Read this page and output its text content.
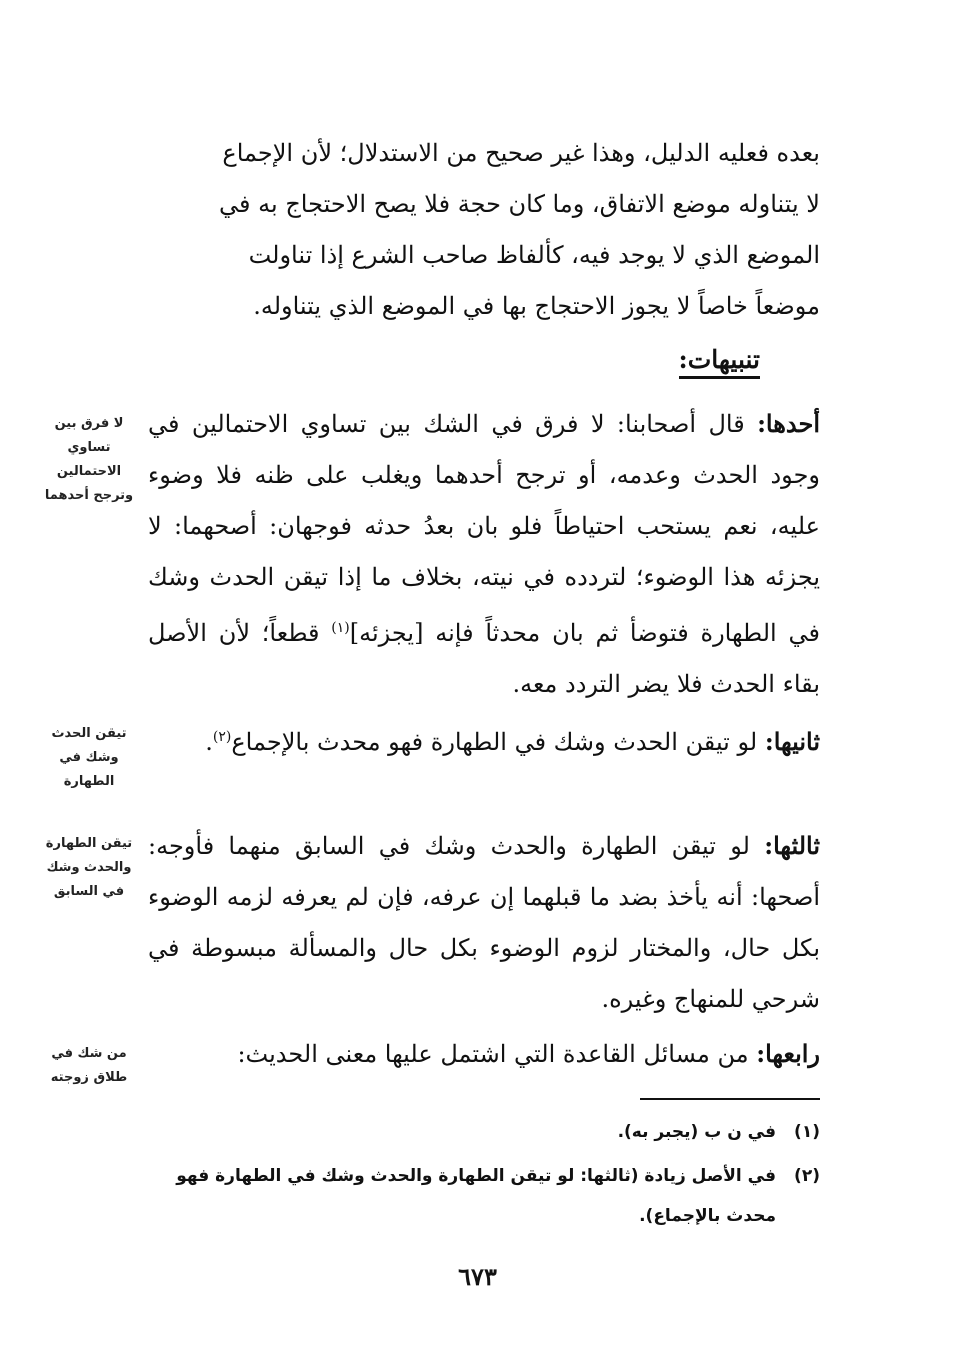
بعده فعليه الدليل، وهذا غير صحيح من الاستدلال؛ لأن الإجماع
لا يتناوله موضع الاتفاق، وما كان حجة فلا يصح الاحتجاج به في
الموضع الذي لا يوجد فيه، كألفاظ صاحب الشرع إذا تناولت
موضعاً خاصاً لا يجوز الاحتجاج بها في الموضع الذي يتناوله.
تنبيهات:
أحدها: قال أصحابنا: لا فرق في الشك بين تساوي الاحتمالين في وجود الحدث وعدمه، أو ترجح أحدهما ويغلب على ظنه فلا وضوء عليه، نعم يستحب احتياطاً فلو بان بعدُ حدثه فوجهان: أصحهما: لا يجزئه هذا الوضوء؛ لتردده في نيته، بخلاف ما إذا تيقن الحدث وشك في الطهارة فتوضأ ثم بان محدثاً فإنه [يجزئه]$^{(١)}$ قطعاً؛ لأن الأصل بقاء الحدث فلا يضر التردد معه.
ثانيها: لو تيقن الحدث وشك في الطهارة فهو محدث بالإجماع$^{(٢)}$.
ثالثها: لو تيقن الطهارة والحدث وشك في السابق منهما فأوجه: أصحها: أنه يأخذ بضد ما قبلهما إن عرفه، فإن لم يعرفه لزمه الوضوء بكل حال، والمختار لزوم الوضوء بكل حال والمسألة مبسوطة في شرحي للمنهاج وغيره.
رابعها: من مسائل القاعدة التي اشتمل عليها معنى الحديث:
لا فرق بين تساوي الاحتمالين وترجح أحدهما
تيقن الحدث وشك في الطهارة
تيقن الطهارة والحدث وشك في السابق
من شك في طلاق زوجته
(١)في ن ب (يجبر به).
(٢)في الأصل زيادة (ثالثها: لو تيقن الطهارة والحدث وشك في الطهارة فهو
محدث بالإجماع).
٦٧٣
